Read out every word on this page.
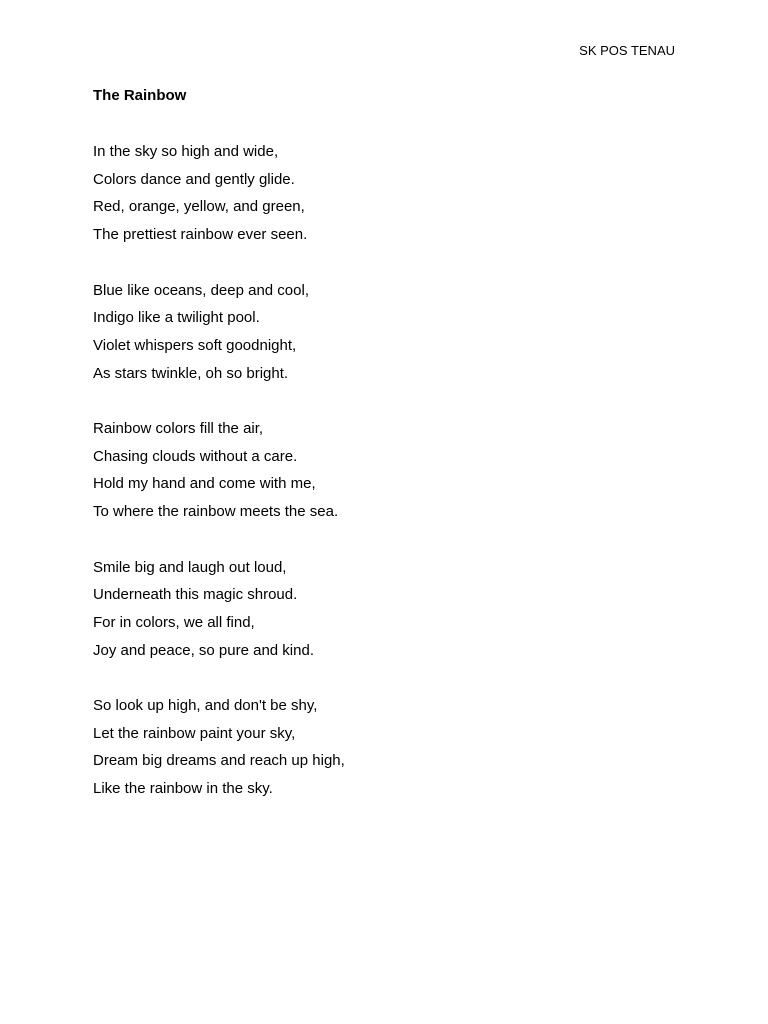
SK POS TENAU
The Rainbow
In the sky so high and wide,
Colors dance and gently glide.
Red, orange, yellow, and green,
The prettiest rainbow ever seen.
Blue like oceans, deep and cool,
Indigo like a twilight pool.
Violet whispers soft goodnight,
As stars twinkle, oh so bright.
Rainbow colors fill the air,
Chasing clouds without a care.
Hold my hand and come with me,
To where the rainbow meets the sea.
Smile big and laugh out loud,
Underneath this magic shroud.
For in colors, we all find,
Joy and peace, so pure and kind.
So look up high, and don't be shy,
Let the rainbow paint your sky,
Dream big dreams and reach up high,
Like the rainbow in the sky.
